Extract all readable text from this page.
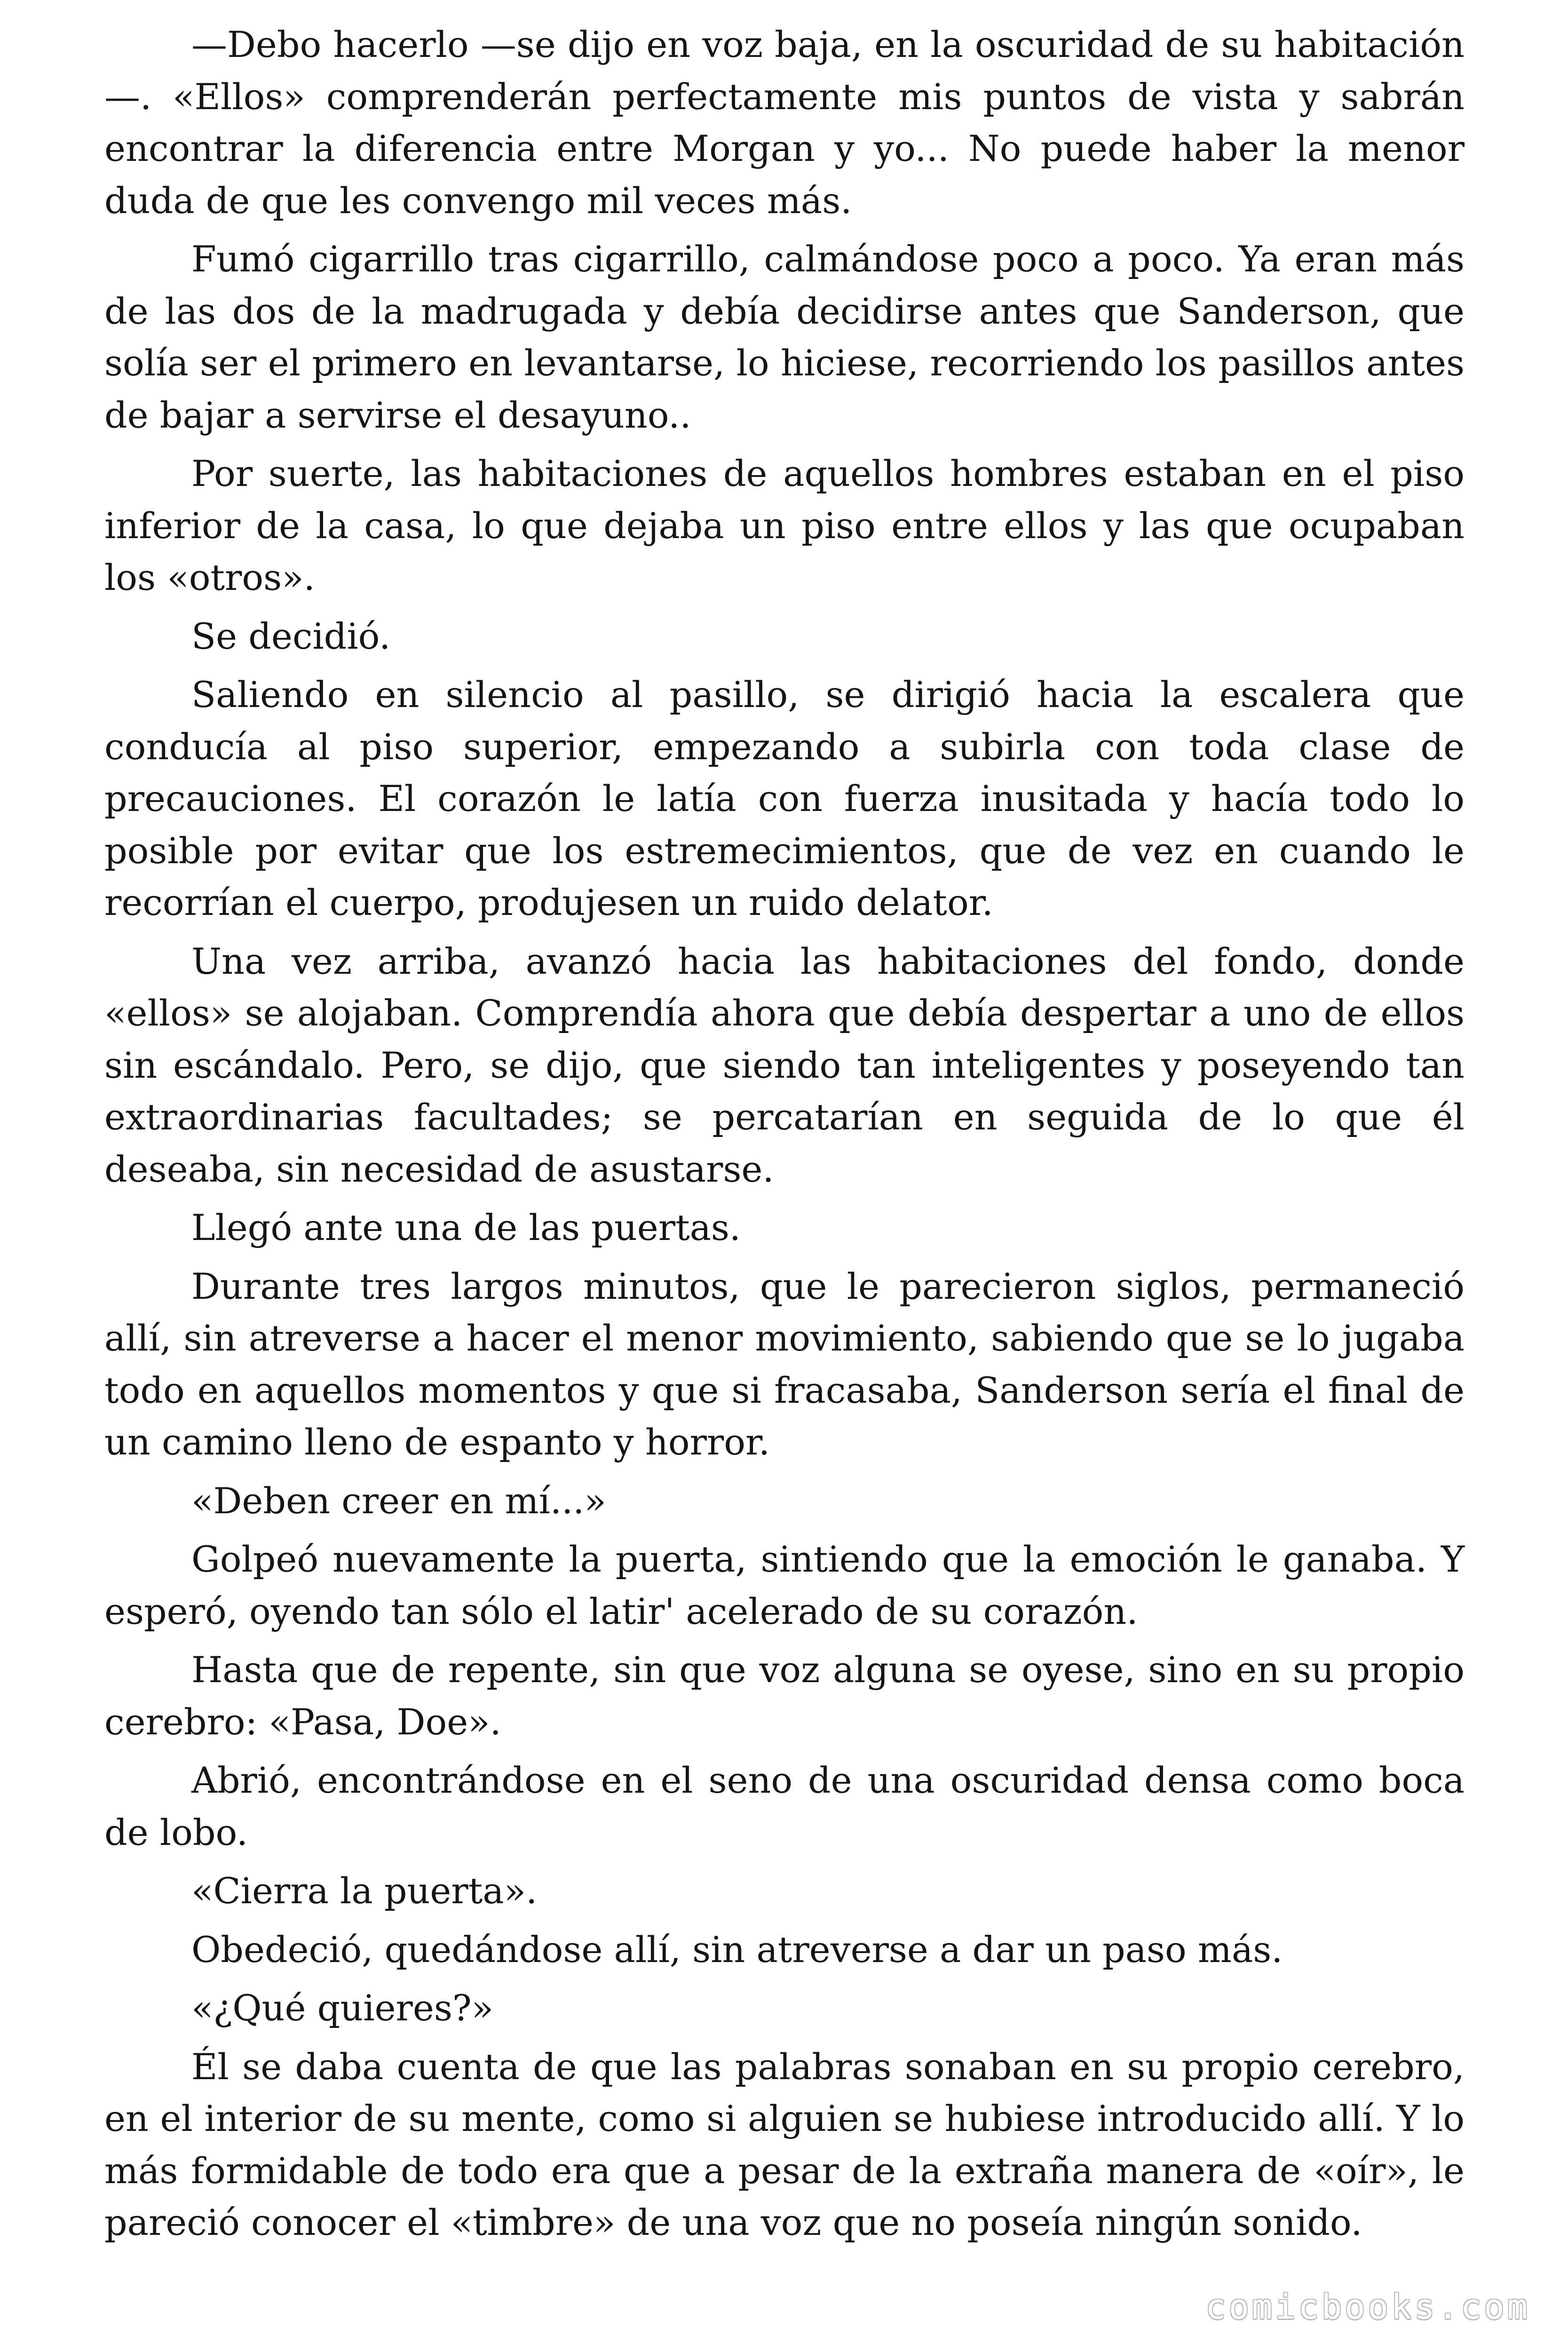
—Debo hacerlo —se dijo en voz baja, en la oscuridad de su habitación—. «Ellos» comprenderán perfectamente mis puntos de vista y sabrán encontrar la diferencia entre Morgan y yo... No puede haber la menor duda de que les convengo mil veces más.

Fumó cigarrillo tras cigarrillo, calmándose poco a poco. Ya eran más de las dos de la madrugada y debía decidirse antes que Sanderson, que solía ser el primero en levantarse, lo hiciese, recorriendo los pasillos antes de bajar a servirse el desayuno..

Por suerte, las habitaciones de aquellos hombres estaban en el piso inferior de la casa, lo que dejaba un piso entre ellos y las que ocupaban los «otros».

Se decidió.

Saliendo en silencio al pasillo, se dirigió hacia la escalera que conducía al piso superior, empezando a subirla con toda clase de precauciones. El corazón le latía con fuerza inusitada y hacía todo lo posible por evitar que los estremecimientos, que de vez en cuando le recorrían el cuerpo, produjesen un ruido delator.

Una vez arriba, avanzó hacia las habitaciones del fondo, donde «ellos» se alojaban. Comprendía ahora que debía despertar a uno de ellos sin escándalo. Pero, se dijo, que siendo tan inteligentes y poseyendo tan extraordinarias facultades; se percatarían en seguida de lo que él deseaba, sin necesidad de asustarse.

Llegó ante una de las puertas.

Durante tres largos minutos, que le parecieron siglos, permaneció allí, sin atreverse a hacer el menor movimiento, sabiendo que se lo jugaba todo en aquellos momentos y que si fracasaba, Sanderson sería el final de un camino lleno de espanto y horror.

«Deben creer en mí...»

Golpeó nuevamente la puerta, sintiendo que la emoción le ganaba. Y esperó, oyendo tan sólo el latir' acelerado de su corazón.

Hasta que de repente, sin que voz alguna se oyese, sino en su propio cerebro: «Pasa, Doe».

Abrió, encontrándose en el seno de una oscuridad densa como boca de lobo.

«Cierra la puerta».

Obedeció, quedándose allí, sin atreverse a dar un paso más.

«¿Qué quieres?»

Él se daba cuenta de que las palabras sonaban en su propio cerebro, en el interior de su mente, como si alguien se hubiese introducido allí. Y lo más formidable de todo era que a pesar de la extraña manera de «oír», le pareció conocer el «timbre» de una voz que no poseía ningún sonido.

comicbooks.com
